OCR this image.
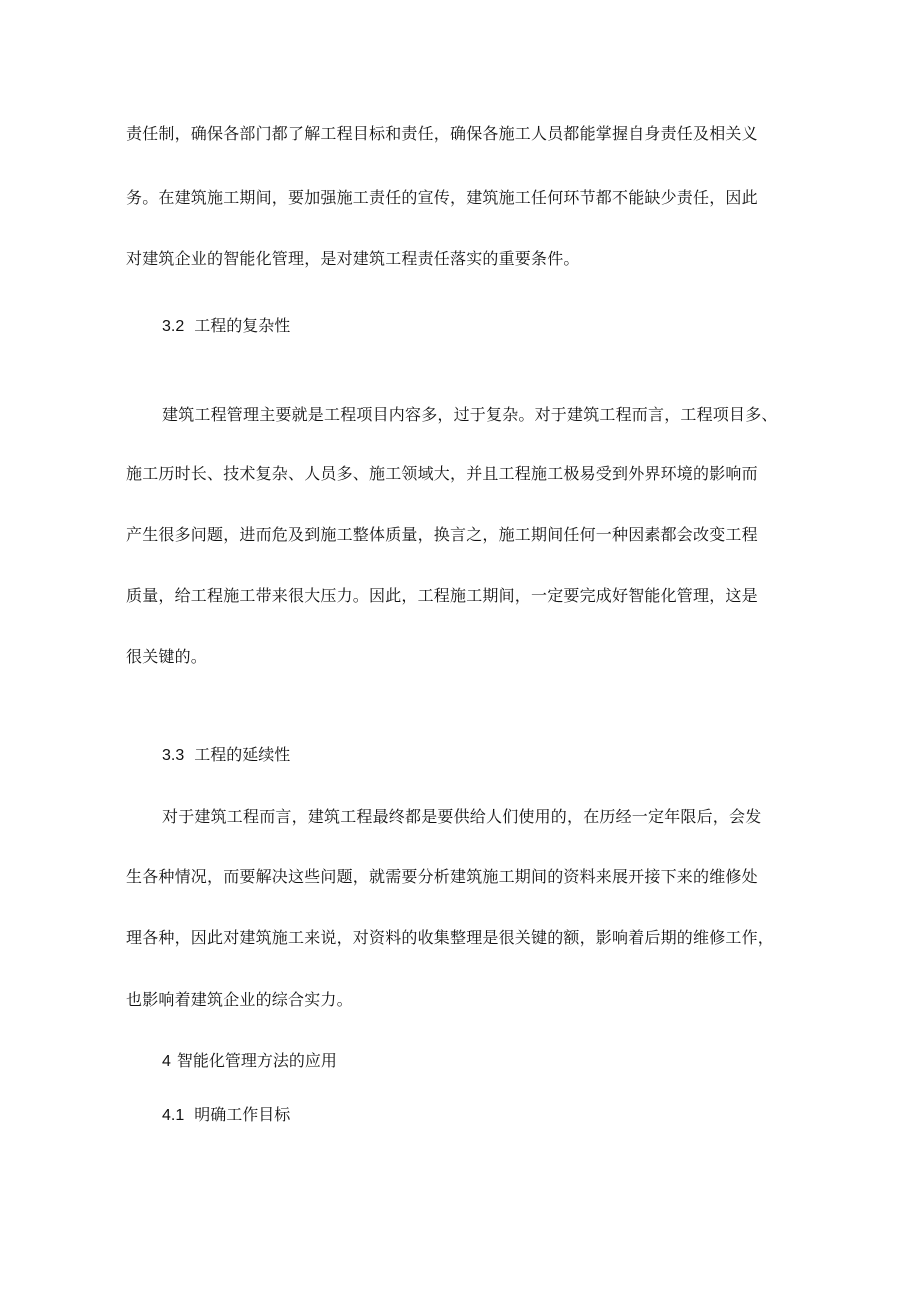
责任制，确保各部门都了解工程目标和责任，确保各施工人员都能掌握自身责任及相关义
务。在建筑施工期间，要加强施工责任的宣传，建筑施工任何环节都不能缺少责任，因此
对建筑企业的智能化管理，是对建筑工程责任落实的重要条件。
3.2 工程的复杂性
建筑工程管理主要就是工程项目内容多，过于复杂。对于建筑工程而言，工程项目多、
施工历时长、技术复杂、人员多、施工领域大，并且工程施工极易受到外界环境的影响而
产生很多问题，进而危及到施工整体质量，换言之，施工期间任何一种因素都会改变工程
质量，给工程施工带来很大压力。因此，工程施工期间，一定要完成好智能化管理，这是
很关键的。
3.3 工程的延续性
对于建筑工程而言，建筑工程最终都是要供给人们使用的，在历经一定年限后，会发
生各种情况，而要解决这些问题，就需要分析建筑施工期间的资料来展开接下来的维修处
理各种，因此对建筑施工来说，对资料的收集整理是很关键的额，影响着后期的维修工作，
也影响着建筑企业的综合实力。
4 智能化管理方法的应用
4.1 明确工作目标
